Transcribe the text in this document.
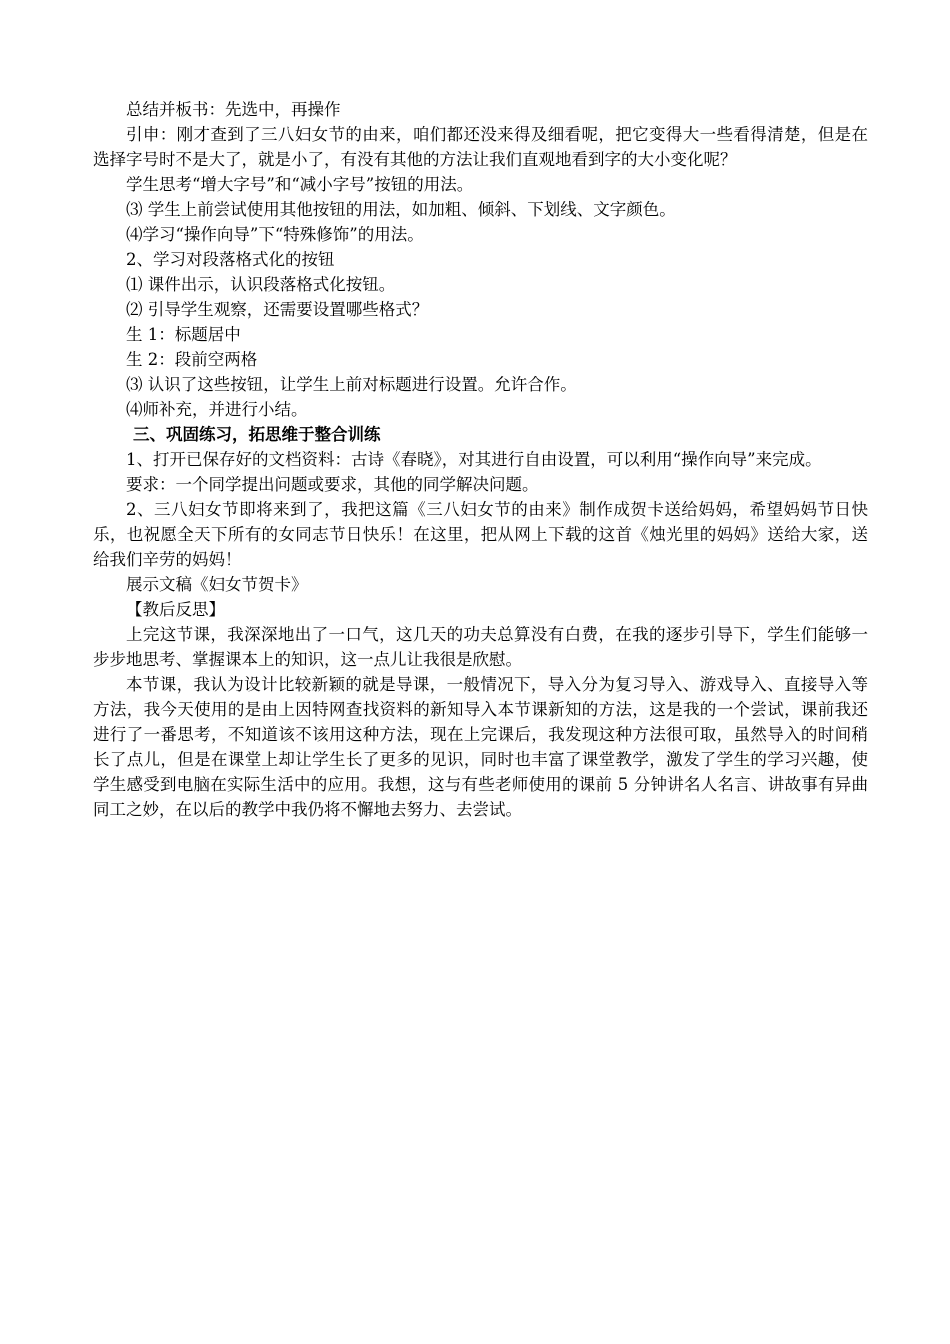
总结并板书：先选中，再操作

引申：刚才查到了三八妇女节的由来，咱们都还没来得及细看呢，把它变得大一些看得清楚，但是在选择字号时不是大了，就是小了，有没有其他的方法让我们直观地看到字的大小变化呢？

学生思考“增大字号”和“减小字号”按钮的用法。

⑶ 学生上前尝试使用其他按钮的用法，如加粗、倾斜、下划线、文字颜色。

⑷学习“操作向导”下“特殊修饰”的用法。

2、学习对段落格式化的按钮

⑴ 课件出示，认识段落格式化按钮。

⑵ 引导学生观察，还需要设置哪些格式？

生 1：标题居中

生 2：段前空两格

⑶ 认识了这些按钮，让学生上前对标题进行设置。允许合作。

⑷师补充，并进行小结。

三、巩固练习，拓思维于整合训练

1、打开已保存好的文档资料：古诗《春晓》，对其进行自由设置，可以利用“操作向导”来完成。

要求：一个同学提出问题或要求，其他的同学解决问题。

2、三八妇女节即将来到了，我把这篇《三八妇女节的由来》制作成贺卡送给妈妈，希望妈妈节日快乐，也祝愿全天下所有的女同志节日快乐！在这里，把从网上下载的这首《烛光里的妈妈》送给大家，送给我们辛劳的妈妈！

展示文稿《妇女节贺卡》

【教后反思】

上完这节课，我深深地出了一口气，这几天的功夫总算没有白费，在我的逐步引导下，学生们能够一步步地思考、掌握课本上的知识，这一点儿让我很是欣慰。

本节课，我认为设计比较新颖的就是导课，一般情况下，导入分为复习导入、游戏导入、直接导入等方法，我今天使用的是由上因特网查找资料的新知导入本节课新知的方法，这是我的一个尝试，课前我还进行了一番思考，不知道该不该用这种方法，现在上完课后，我发现这种方法很可取，虽然导入的时间稍长了点儿，但是在课堂上却让学生长了更多的见识，同时也丰富了课堂教学，激发了学生的学习兴趣，使学生感受到电脑在实际生活中的应用。我想，这与有些老师使用的课前 5 分钟讲名人名言、讲故事有异曲同工之妙，在以后的教学中我仍将不懈地去努力、去尝试。
